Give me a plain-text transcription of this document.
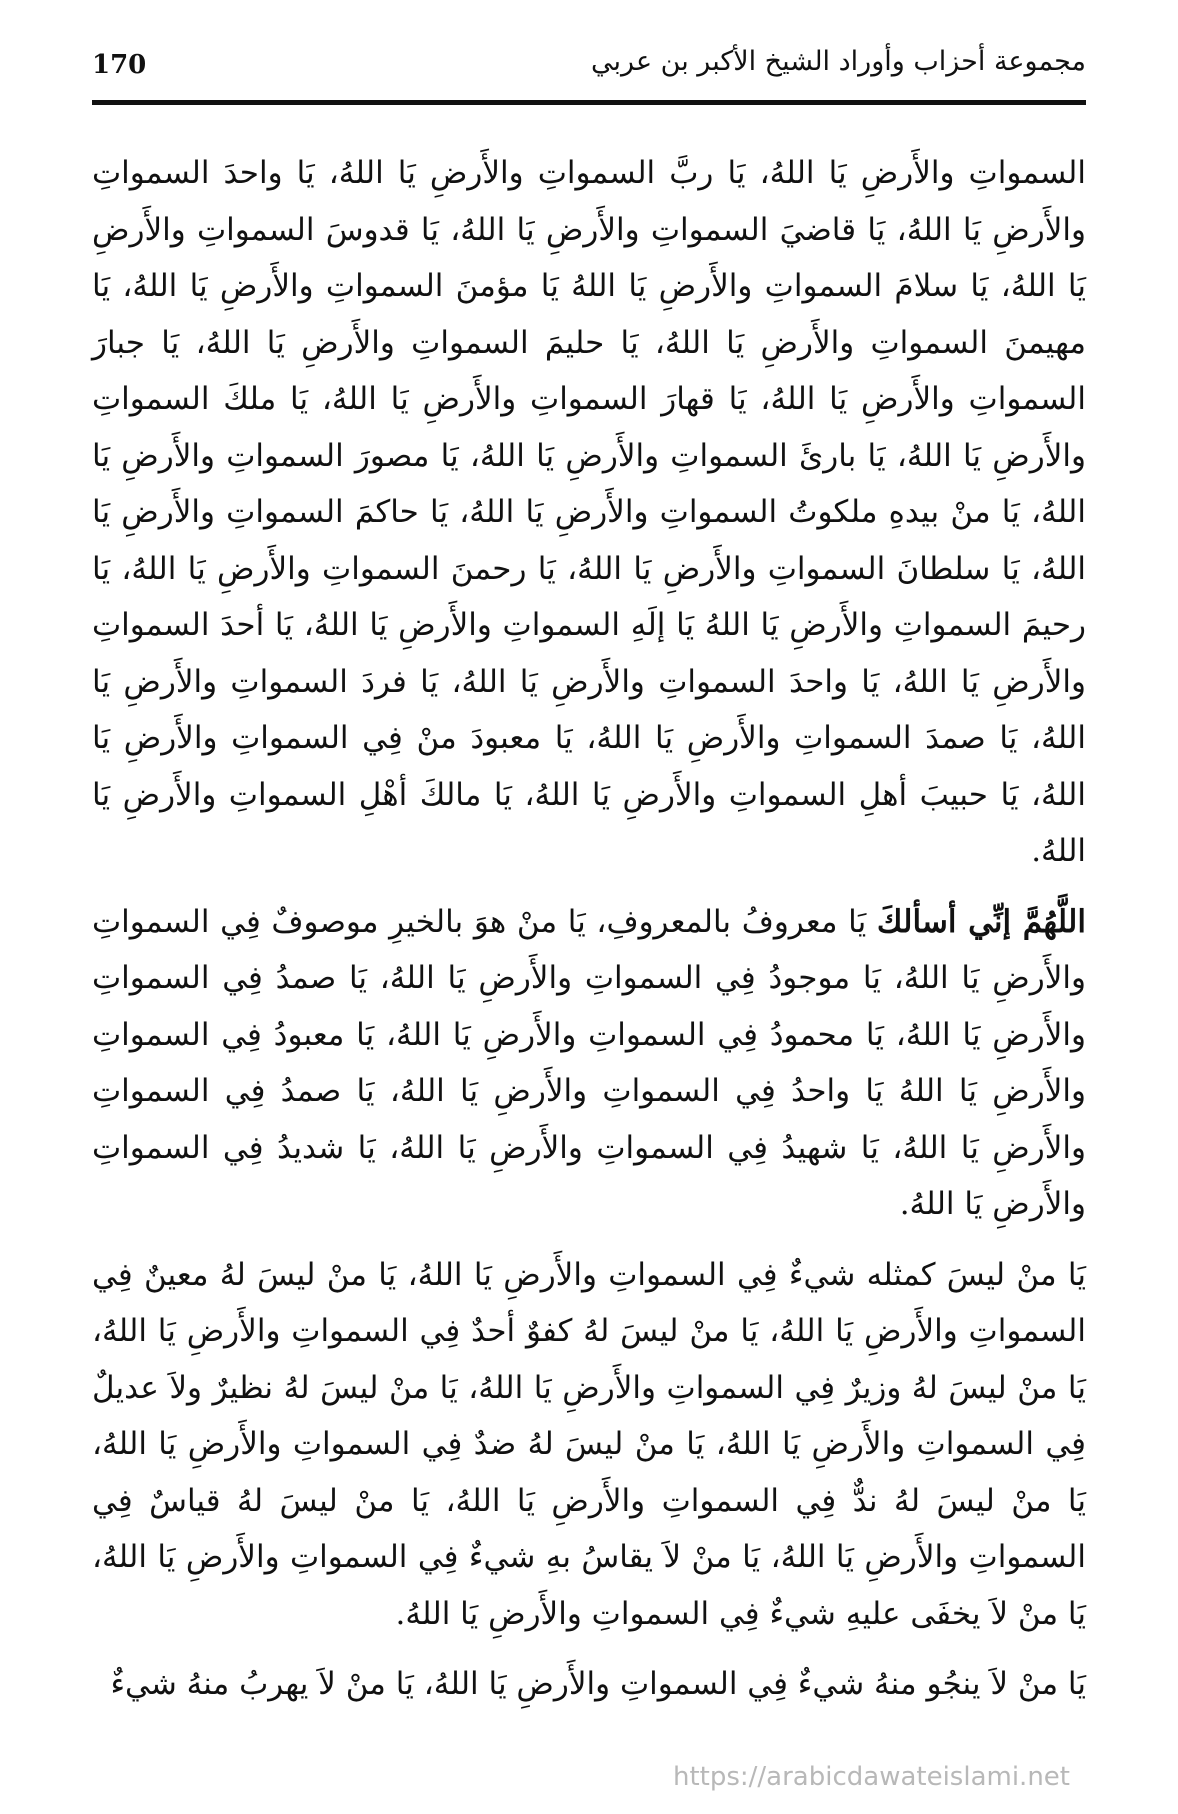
170	مجموعة أحزاب وأوراد الشيخ الأكبر بن عربي

السمواتِ والأَرضِ يَا اللهُ، يَا ربَّ السمواتِ والأَرضِ يَا اللهُ، يَا واحدَ السمواتِ والأَرضِ يَا اللهُ، يَا قاضيَ السمواتِ والأَرضِ يَا اللهُ، يَا قدوسَ السمواتِ والأَرضِ يَا اللهُ، يَا سلامَ السمواتِ والأَرضِ يَا اللهُ يَا مؤمنَ السمواتِ والأَرضِ يَا اللهُ، يَا مهيمنَ السمواتِ والأَرضِ يَا اللهُ، يَا حليمَ السمواتِ والأَرضِ يَا اللهُ، يَا جبارَ السمواتِ والأَرضِ يَا اللهُ، يَا قهارَ السمواتِ والأَرضِ يَا اللهُ، يَا ملكَ السمواتِ والأَرضِ يَا اللهُ، يَا بارئَ السمواتِ والأَرضِ يَا اللهُ، يَا مصورَ السمواتِ والأَرضِ يَا اللهُ، يَا منْ بيدهِ ملكوتُ السمواتِ والأَرضِ يَا اللهُ، يَا حاكمَ السمواتِ والأَرضِ يَا اللهُ، يَا سلطانَ السمواتِ والأَرضِ يَا اللهُ، يَا رحمنَ السمواتِ والأَرضِ يَا اللهُ، يَا رحيمَ السمواتِ والأَرضِ يَا اللهُ يَا إلَهِ السمواتِ والأَرضِ يَا اللهُ، يَا أحدَ السمواتِ والأَرضِ يَا اللهُ، يَا واحدَ السمواتِ والأَرضِ يَا اللهُ، يَا فردَ السمواتِ والأَرضِ يَا اللهُ، يَا صمدَ السمواتِ والأَرضِ يَا اللهُ، يَا معبودَ منْ فِي السمواتِ والأَرضِ يَا اللهُ، يَا حبيبَ أهلِ السمواتِ والأَرضِ يَا اللهُ، يَا مالكَ أهْلِ السمواتِ والأَرضِ يَا اللهُ.

اللَّهُمَّ إنِّي أسألكَ يَا معروفُ بالمعروفِ، يَا منْ هوَ بالخيرِ موصوفٌ فِي السمواتِ والأَرضِ يَا اللهُ، يَا موجودُ فِي السمواتِ والأَرضِ يَا اللهُ، يَا صمدُ فِي السمواتِ والأَرضِ يَا اللهُ، يَا محمودُ فِي السمواتِ والأَرضِ يَا اللهُ، يَا معبودُ فِي السمواتِ والأَرضِ يَا اللهُ يَا واحدُ فِي السمواتِ والأَرضِ يَا اللهُ، يَا صمدُ فِي السمواتِ والأَرضِ يَا اللهُ، يَا شهيدُ فِي السمواتِ والأَرضِ يَا اللهُ، يَا شديدُ فِي السمواتِ والأَرضِ يَا اللهُ.

يَا منْ ليسَ كمثله شيءٌ فِي السمواتِ والأَرضِ يَا اللهُ، يَا منْ ليسَ لهُ معينٌ فِي السمواتِ والأَرضِ يَا اللهُ، يَا منْ ليسَ لهُ كفوٌ أحدٌ فِي السمواتِ والأَرضِ يَا اللهُ، يَا منْ ليسَ لهُ وزيرٌ فِي السمواتِ والأَرضِ يَا اللهُ، يَا منْ ليسَ لهُ نظيرٌ ولاَ عديلٌ فِي السمواتِ والأَرضِ يَا اللهُ، يَا منْ ليسَ لهُ ضدٌ فِي السمواتِ والأَرضِ يَا اللهُ، يَا منْ ليسَ لهُ ندٌّ فِي السمواتِ والأَرضِ يَا اللهُ، يَا منْ ليسَ لهُ قياسٌ فِي السمواتِ والأَرضِ يَا اللهُ، يَا منْ لاَ يقاسُ بهِ شيءٌ فِي السمواتِ والأَرضِ يَا اللهُ، يَا منْ لاَ يخفَى عليهِ شيءٌ فِي السمواتِ والأَرضِ يَا اللهُ.

يَا منْ لاَ ينجُو منهُ شيءٌ فِي السمواتِ والأَرضِ يَا اللهُ، يَا منْ لاَ يهربُ منهُ شيءٌ

https://arabicdawateislami.net
